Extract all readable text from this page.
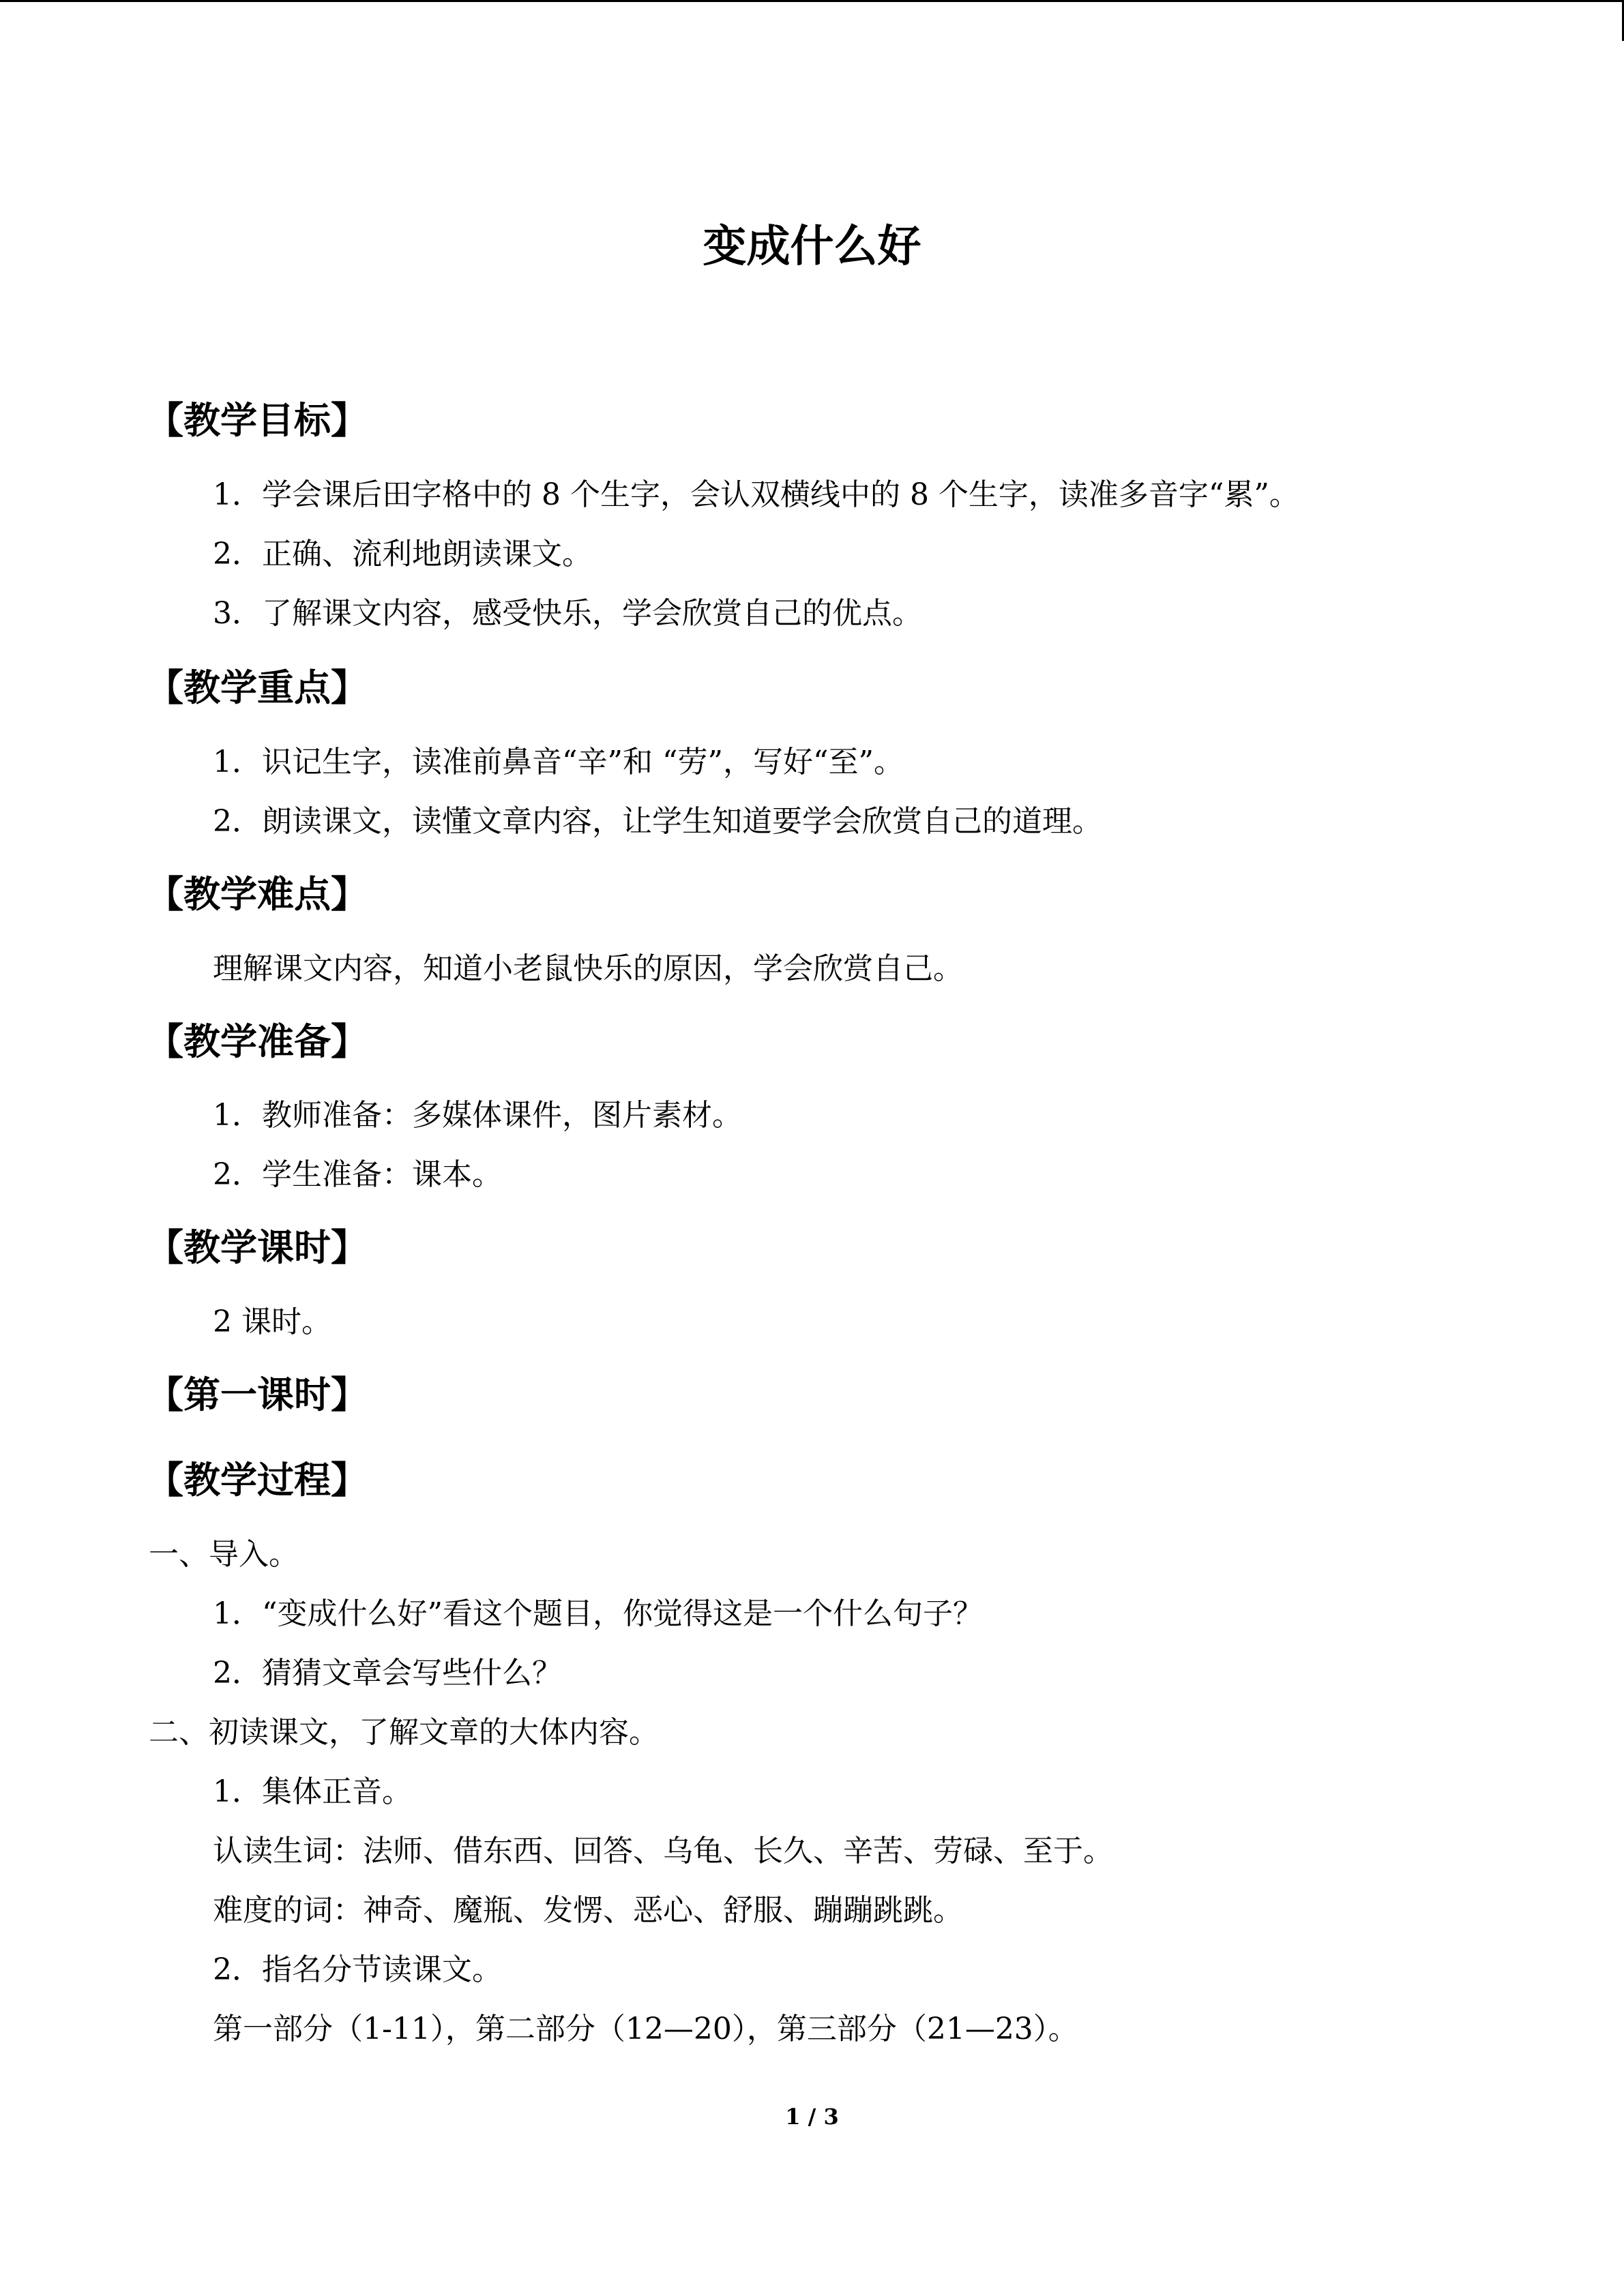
变成什么好
【教学目标】
1．学会课后田字格中的 8 个生字，会认双横线中的 8 个生字，读准多音字“累”。
2．正确、流利地朗读课文。
3．了解课文内容，感受快乐，学会欣赏自己的优点。
【教学重点】
1．识记生字，读准前鼻音“辛”和 “劳”，写好“至”。
2．朗读课文，读懂文章内容，让学生知道要学会欣赏自己的道理。
【教学难点】
理解课文内容，知道小老鼠快乐的原因，学会欣赏自己。
【教学准备】
1．教师准备：多媒体课件，图片素材。
2．学生准备：课本。
【教学课时】
2 课时。
【第一课时】
【教学过程】
一、导入。
1．“变成什么好”看这个题目，你觉得这是一个什么句子？
2．猜猜文章会写些什么？
二、初读课文，了解文章的大体内容。
1．集体正音。
认读生词：法师、借东西、回答、乌龟、长久、辛苦、劳碌、至于。
难度的词：神奇、魔瓶、发愣、恶心、舒服、蹦蹦跳跳。
2．指名分节读课文。
第一部分（1-11），第二部分（12—20），第三部分（21—23）。
1 / 3
